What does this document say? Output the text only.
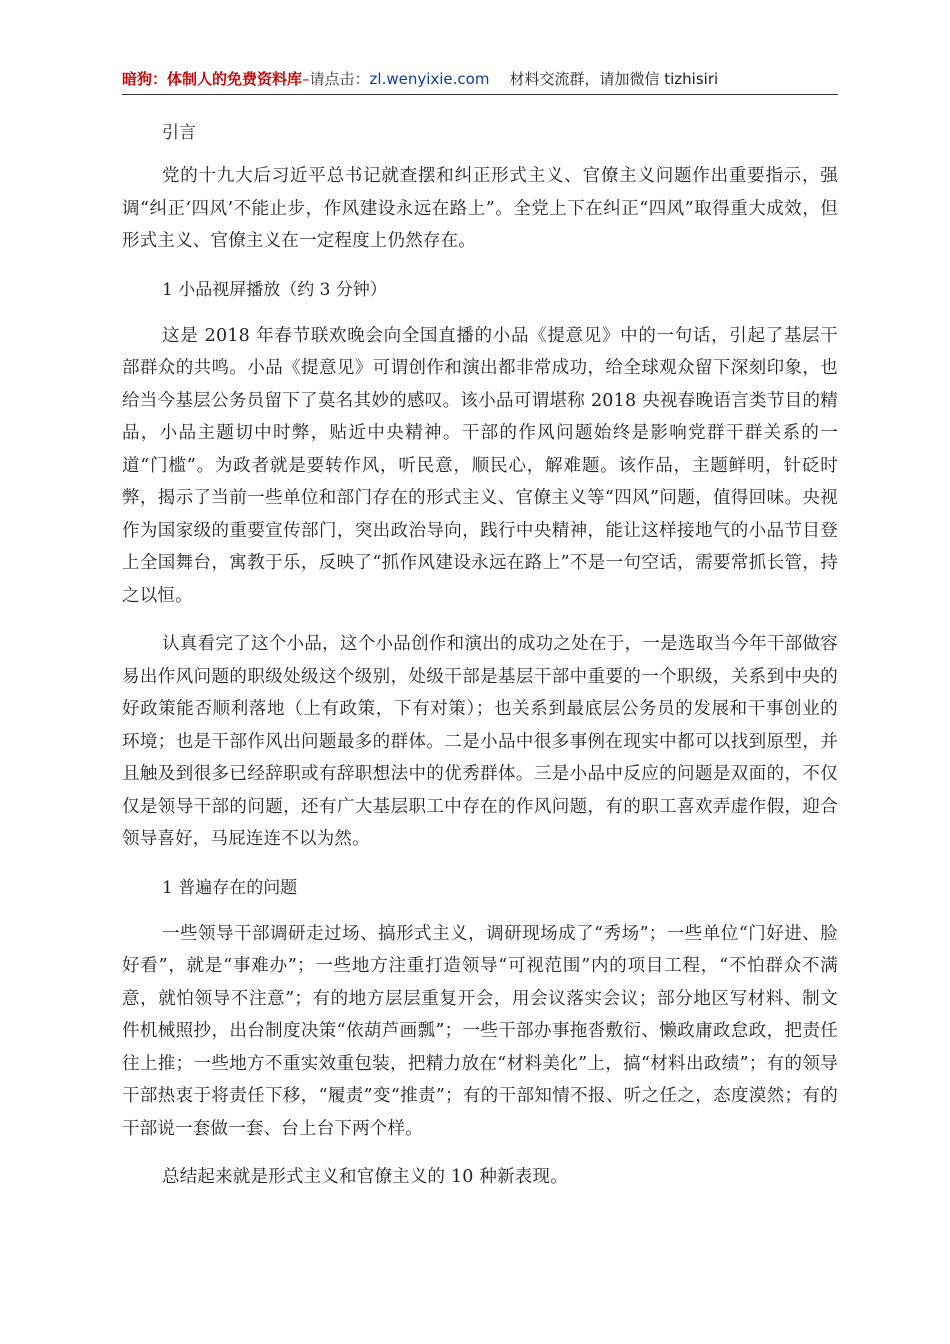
暗狗：体制人的免费资料库–请点击：zl.wenyixie.com 材料交流群，请加微信 tizhisiri
引言

党的十九大后习近平总书记就查摆和纠正形式主义、官僚主义问题作出重要指示，强调“纠正‘四风’不能止步，作风建设永远在路上”。全党上下在纠正“四风”取得重大成效，但形式主义、官僚主义在一定程度上仍然存在。

1 小品视屏播放（约 3 分钟）

这是 2018 年春节联欢晚会向全国直播的小品《提意见》中的一句话，引起了基层干部群众的共鸣。小品《提意见》可谓创作和演出都非常成功，给全球观众留下深刻印象，也给当今基层公务员留下了莫名其妙的感叹。该小品可谓堪称 2018 央视春晚语言类节目的精品，小品主题切中时弊，贴近中央精神。干部的作风问题始终是影响党群干群关系的一道“门槛”。为政者就是要转作风，听民意，顺民心，解难题。该作品，主题鲜明，针砭时弊，揭示了当前一些单位和部门存在的形式主义、官僚主义等“四风”问题，值得回味。央视作为国家级的重要宣传部门，突出政治导向，践行中央精神，能让这样接地气的小品节目登上全国舞台，寓教于乐，反映了“抓作风建设永远在路上”不是一句空话，需要常抓长管，持之以恒。

认真看完了这个小品，这个小品创作和演出的成功之处在于，一是选取当今年干部做容易出作风问题的职级处级这个级别，处级干部是基层干部中重要的一个职级，关系到中央的好政策能否顺利落地（上有政策，下有对策）；也关系到最底层公务员的发展和干事创业的环境；也是干部作风出问题最多的群体。二是小品中很多事例在现实中都可以找到原型，并且触及到很多已经辞职或有辞职想法中的优秀群体。三是小品中反应的问题是双面的，不仅仅是领导干部的问题，还有广大基层职工中存在的作风问题，有的职工喜欢弄虚作假，迎合领导喜好，马屁连连不以为然。

1 普遍存在的问题

一些领导干部调研走过场、搞形式主义，调研现场成了“秀场”；一些单位“门好进、脸好看”，就是“事难办”；一些地方注重打造领导“可视范围”内的项目工程，“不怕群众不满意，就怕领导不注意”；有的地方层层重复开会，用会议落实会议；部分地区写材料、制文件机械照抄，出台制度决策“依葫芦画瓢”；一些干部办事拖沓敷衍、懒政庸政怠政，把责任往上推；一些地方不重实效重包装，把精力放在“材料美化”上，搞“材料出政绩”；有的领导干部热衷于将责任下移，“履责”变“推责”；有的干部知情不报、听之任之，态度漠然；有的干部说一套做一套、台上台下两个样。

总结起来就是形式主义和官僚主义的 10 种新表现。
